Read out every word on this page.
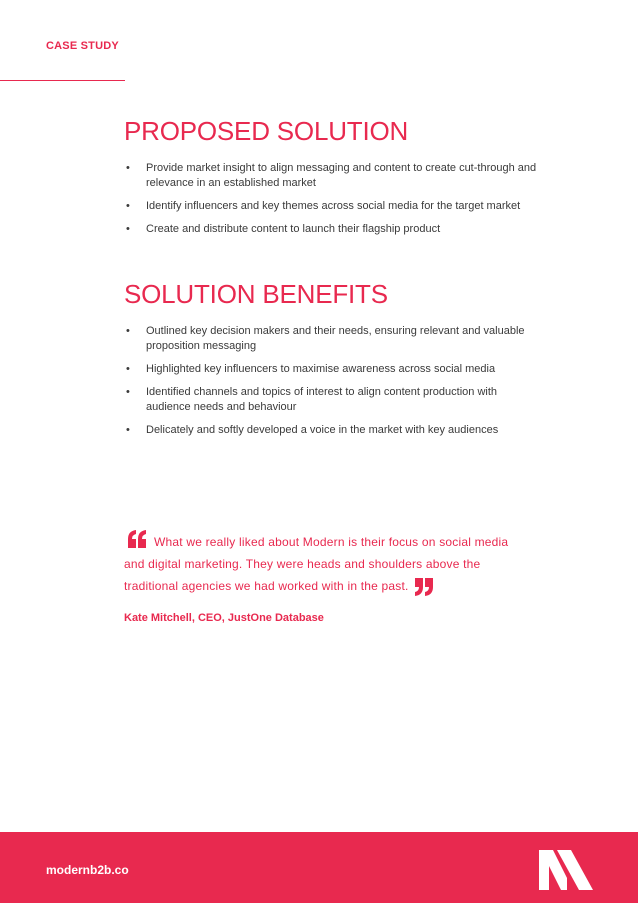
CASE STUDY
PROPOSED SOLUTION
• Provide market insight to align messaging and content to create cut-through and relevance in an established market
• Identify influencers and key themes across social media for the target market
• Create and distribute content to launch their flagship product
SOLUTION BENEFITS
• Outlined key decision makers and their needs, ensuring relevant and valuable proposition messaging
• Highlighted key influencers to maximise awareness across social media
• Identified channels and topics of interest to align content production with audience needs and behaviour
• Delicately and softly developed a voice in the market with key audiences
What we really liked about Modern is their focus on social media and digital marketing. They were heads and shoulders above the traditional agencies we had worked with in the past.
Kate Mitchell, CEO, JustOne Database
modernb2b.co
